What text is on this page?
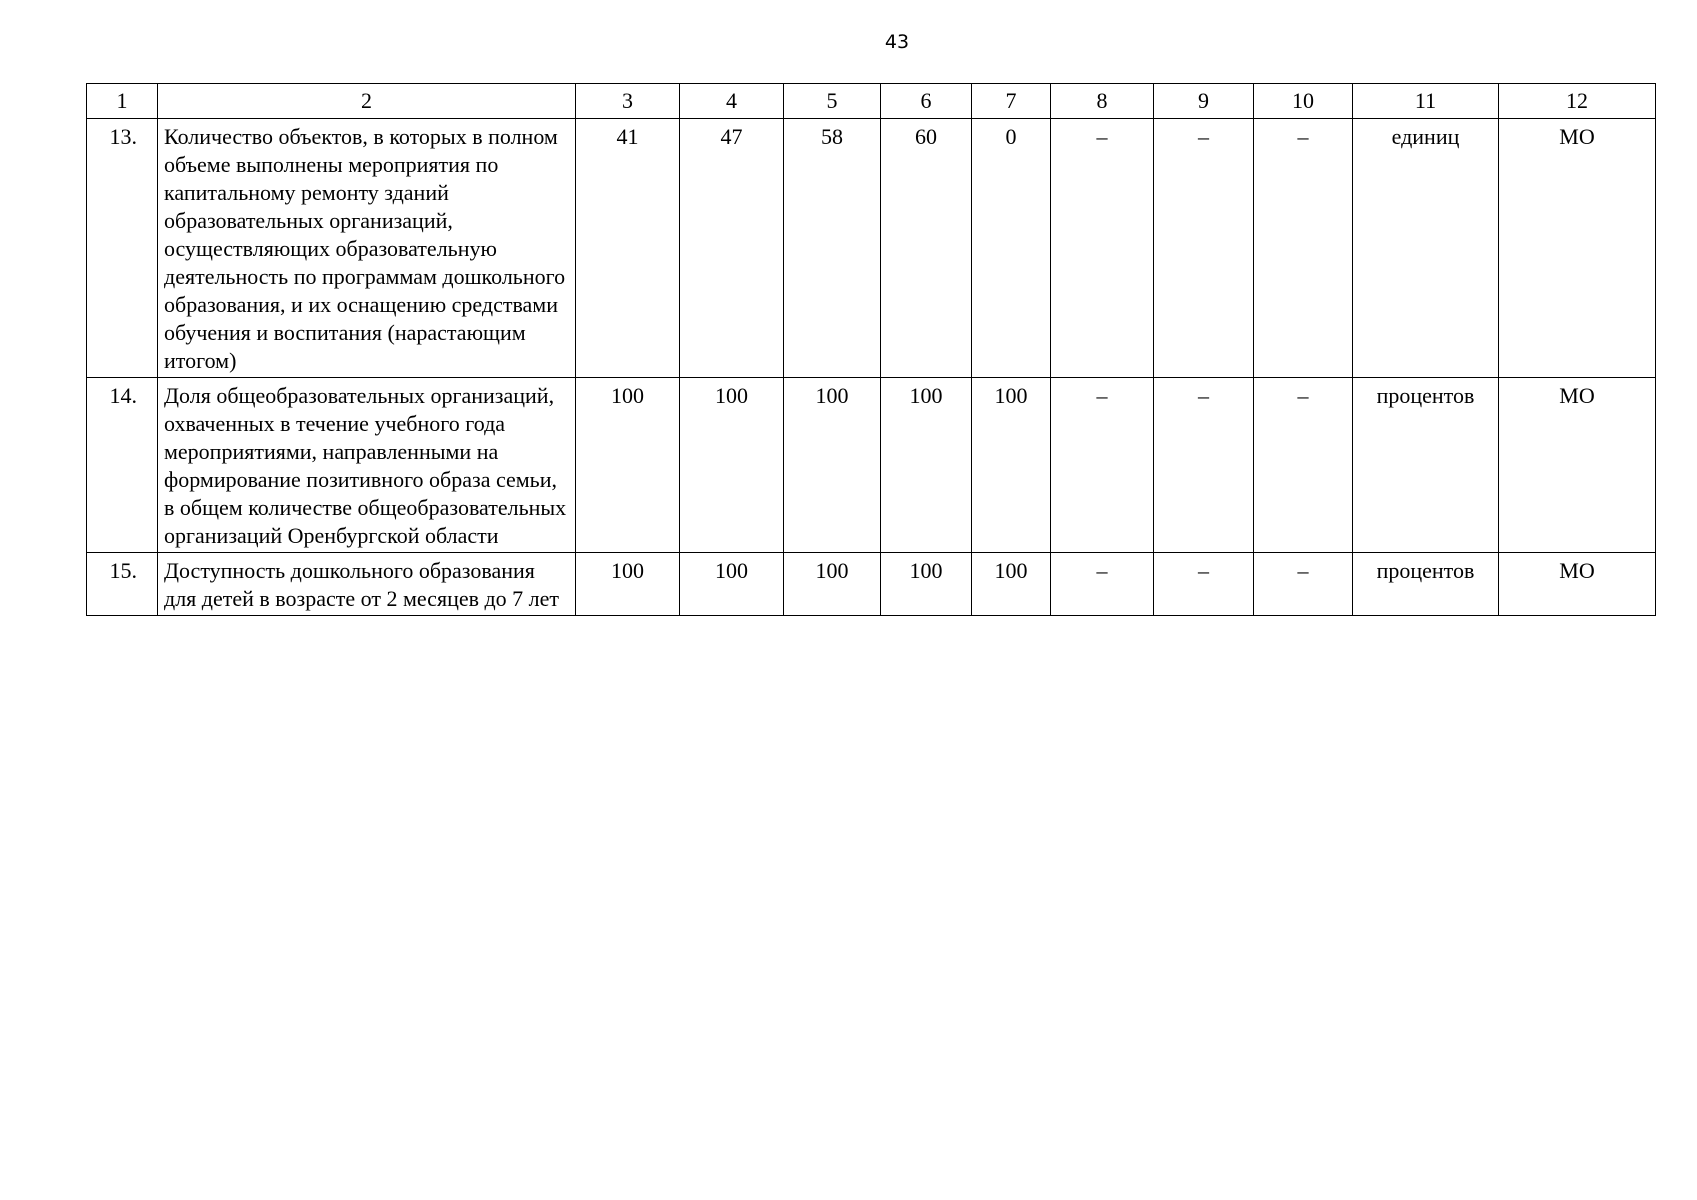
43
1	2	3	4	5	6	7	8	9	10	11	12
13.	Количество объектов, в которых в полном объеме выполнены мероприятия по капитальному ремонту зданий образовательных организаций, осуществляющих образовательную деятельность по программам дошкольного образования, и их оснащению средствами обучения и воспитания (нарастающим итогом)	41	47	58	60	0	–	–	–	единиц	МО
14.	Доля общеобразовательных организаций, охваченных в течение учебного года мероприятиями, направленными на формирование позитивного образа семьи, в общем количестве общеобразовательных организаций Оренбургской области	100	100	100	100	100	–	–	–	процентов	МО
15.	Доступность дошкольного образования для детей в возрасте от 2 месяцев до 7 лет	100	100	100	100	100	–	–	–	процентов	МО
